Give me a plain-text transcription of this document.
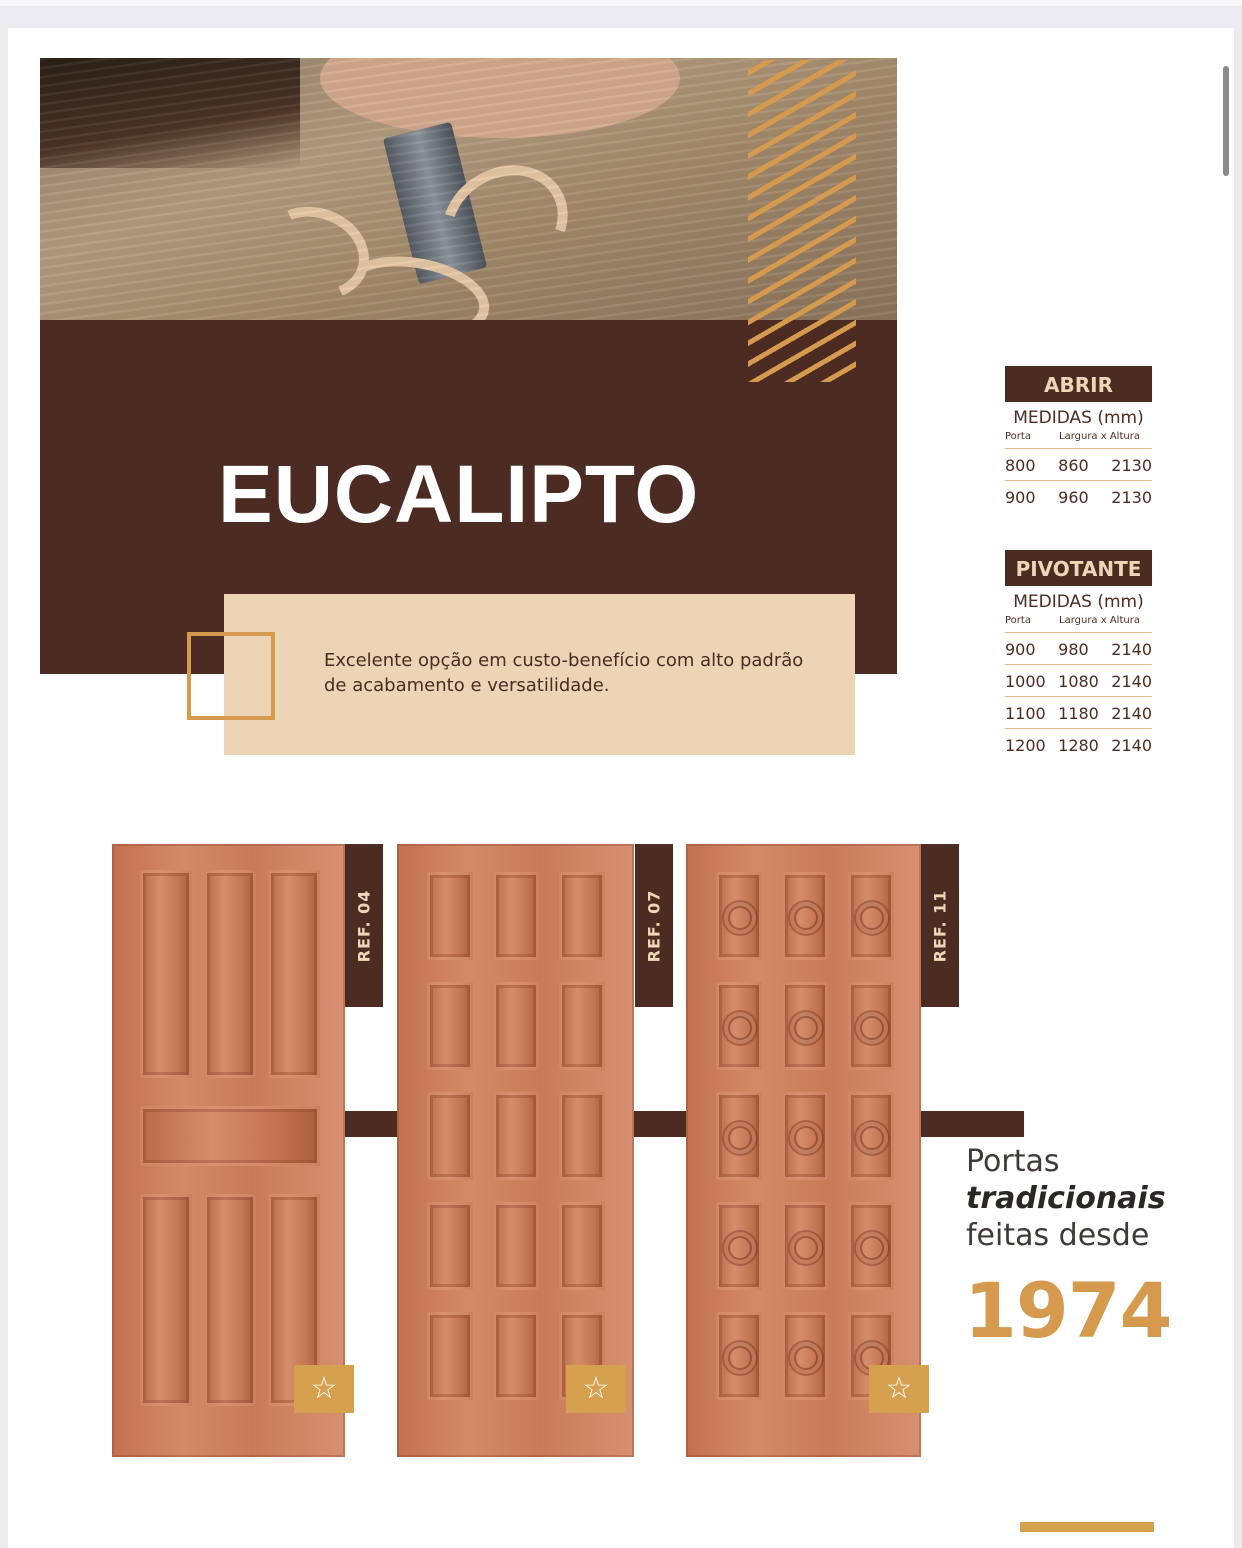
EUCALIPTO

Excelente opção em custo-benefício com alto padrão de acabamento e versatilidade.

ABRIR
MEDIDAS (mm)
Porta	Largura x Altura
800 860 2130
900 960 2130
PIVOTANTE
MEDIDAS (mm)
Porta	Largura x Altura
900 980 2140
1000 1080 2140
1100 1180 2140
1200 1280 2140
REF. 04
☆
REF. 07
☆
REF. 11
☆

Portas

tradicionais

feitas desde

1974
